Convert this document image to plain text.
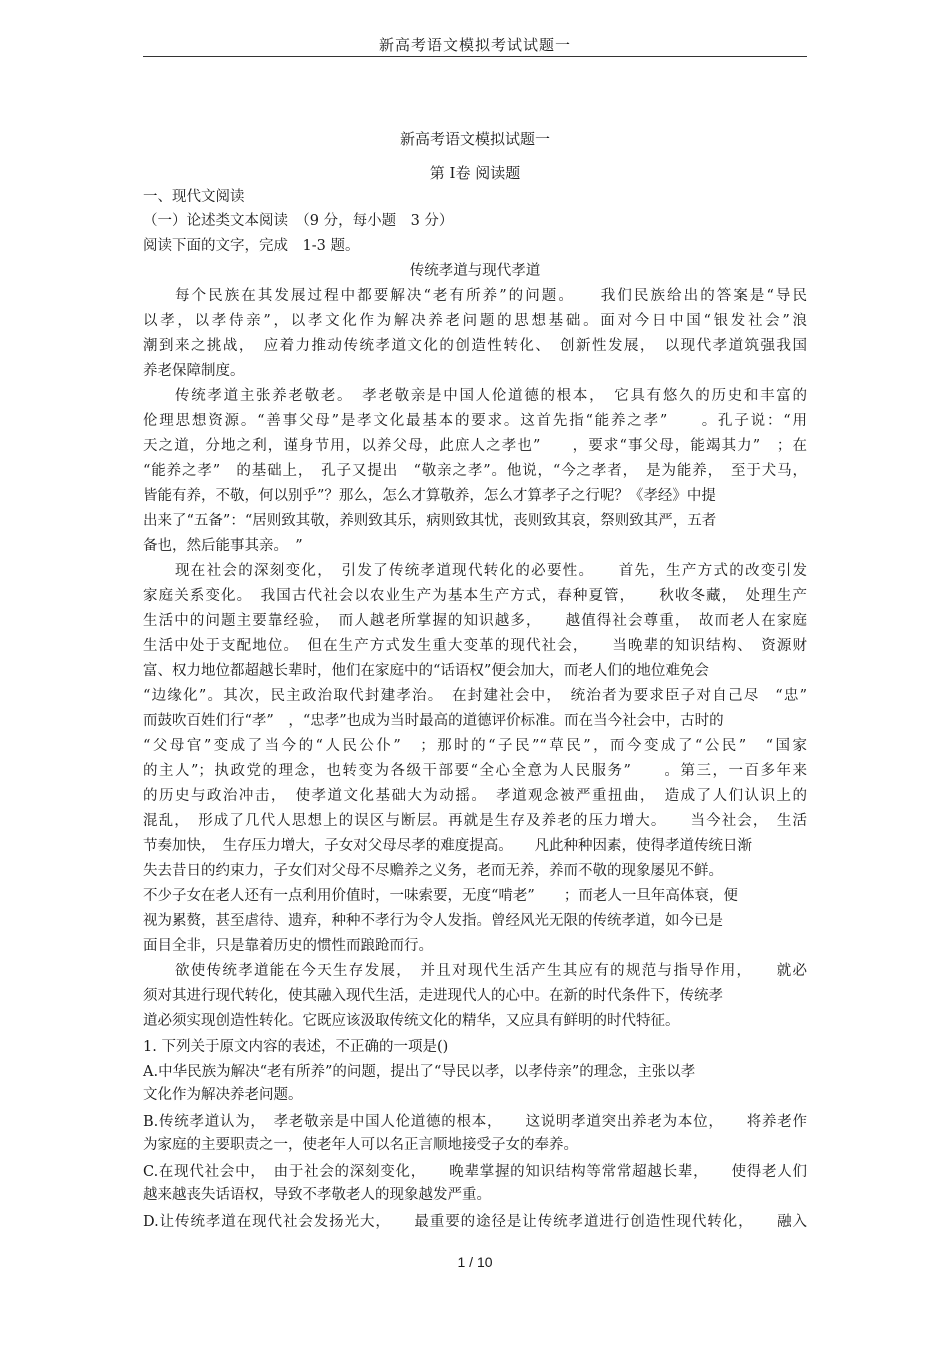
新高考语文模拟考试试题一
新高考语文模拟试题一
第 Ⅰ卷 阅读题
一、现代文阅读
（一）论述类文本阅读　（9 分，每小题　3 分）
阅读下面的文字，完成　1-3 题。
传统孝道与现代孝道
每个民族在其发展过程中都要解决“老有所养”的问题。　　我们民族给出的答案是“导民
以孝，以孝侍亲”，以孝文化作为解决养老问题的思想基础。面对今日中国“银发社会”浪
潮到来之挑战，　应着力推动传统孝道文化的创造性转化、　创新性发展，　以现代孝道筑强我国
养老保障制度。
传统孝道主张养老敬老。　孝老敬亲是中国人伦道德的根本，　它具有悠久的历史和丰富的
伦理思想资源。“善事父母”是孝文化最基本的要求。这首先指“能养之孝”　　。孔子说：“用
天之道，分地之利，谨身节用，以养父母，此庶人之孝也”　　，要求“事父母，能竭其力”　；在
“能养之孝”　的基础上，　孔子又提出　“敬亲之孝”。他说，“今之孝者，　是为能养，　至于犬马，
皆能有养，不敬，何以别乎”？那么，怎么才算敬养，怎么才算孝子之行呢？《孝经》中提
出来了“五备”：“居则致其敬，养则致其乐，病则致其忧，丧则致其哀，祭则致其严，五者
备也，然后能事其亲。　”
现在社会的深刻变化，　引发了传统孝道现代转化的必要性。　　首先，生产方式的改变引发
家庭关系变化。　我国古代社会以农业生产为基本生产方式，春种夏管，　　秋收冬藏，　处理生产
生活中的问题主要靠经验，　而人越老所掌握的知识越多，　　越值得社会尊重，　故而老人在家庭
生活中处于支配地位。　但在生产方式发生重大变革的现代社会，　　当晚辈的知识结构、　资源财
富、权力地位都超越长辈时，他们在家庭中的“话语权”便会加大，而老人们的地位难免会
“边缘化”。其次，民主政治取代封建孝治。　在封建社会中，　统治者为要求臣子对自己尽　“忠”
而鼓吹百姓们行“孝”　，“忠孝”也成为当时最高的道德评价标准。而在当今社会中，古时的
“父母官”变成了当今的“人民公仆”　；那时的“子民”“草民”，而今变成了“公民”　“国家
的主人”；执政党的理念，也转变为各级干部要“全心全意为人民服务”　　。第三，一百多年来
的历史与政治冲击，　使孝道文化基础大为动摇。　孝道观念被严重扭曲，　造成了人们认识上的
混乱，　形成了几代人思想上的误区与断层。再就是生存及养老的压力增大。　　当今社会，　生活
节奏加快，　生存压力增大，子女对父母尽孝的难度提高。　　凡此种种因素，使得孝道传统日渐
失去昔日的约束力，子女们对父母不尽赡养之义务，老而无养，养而不敬的现象屡见不鲜。
不少子女在老人还有一点利用价值时，一味索要，无度“啃老”　　；而老人一旦年高体衰，便
视为累赘，甚至虐待、遗弃，种种不孝行为令人发指。曾经风光无限的传统孝道，如今已是
面目全非，只是靠着历史的惯性而踉跄而行。
欲使传统孝道能在今天生存发展，　并且对现代生活产生其应有的规范与指导作用，　　就必
须对其进行现代转化，使其融入现代生活，走进现代人的心中。在新的时代条件下，传统孝
道必须实现创造性转化。它既应该汲取传统文化的精华，又应具有鲜明的时代特征。
1. 下列关于原文内容的表述，不正确的一项是()
A.中华民族为解决“老有所养”的问题，提出了“导民以孝，以孝侍亲”的理念，主张以孝
文化作为解决养老问题。
B.传统孝道认为，　孝老敬亲是中国人伦道德的根本，　　这说明孝道突出养老为本位，　　将养老作
为家庭的主要职责之一，使老年人可以名正言顺地接受子女的奉养。
C.在现代社会中，　由于社会的深刻变化，　　晚辈掌握的知识结构等常常超越长辈，　　使得老人们
越来越丧失话语权，导致不孝敬老人的现象越发严重。
D.让传统孝道在现代社会发扬光大，　　最重要的途径是让传统孝道进行创造性现代转化，　　融入
1 / 10
